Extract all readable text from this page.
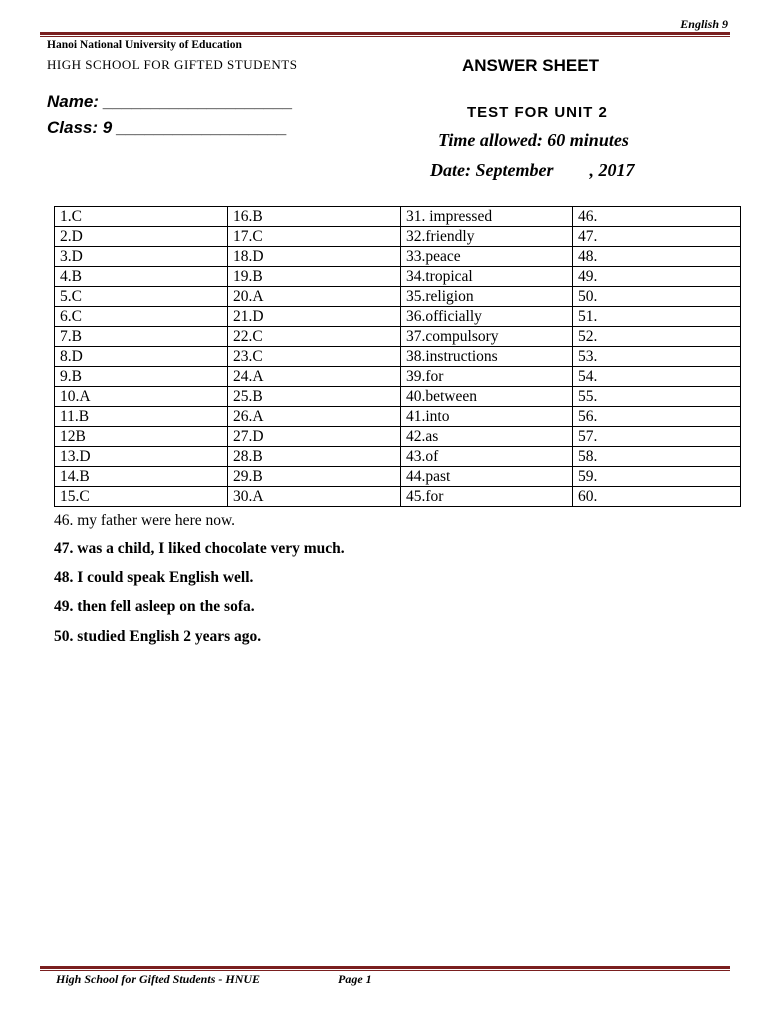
English 9
Hanoi National University of Education
HIGH SCHOOL FOR GIFTED STUDENTS	ANSWER SHEET
Name: ____________________
Class: 9 __________________
TEST FOR UNIT 2
Time allowed: 60 minutes
Date: September        , 2017
1.C	16.B	31. impressed	46.
2.D	17.C	32.friendly	47.
3.D	18.D	33.peace	48.
4.B	19.B	34.tropical	49.
5.C	20.A	35.religion	50.
6.C	21.D	36.officially	51.
7.B	22.C	37.compulsory	52.
8.D	23.C	38.instructions	53.
9.B	24.A	39.for	54.
10.A	25.B	40.between	55.
11.B	26.A	41.into	56.
12B	27.D	42.as	57.
13.D	28.B	43.of	58.
14.B	29.B	44.past	59.
15.C	30.A	45.for	60.
46. my father were here now.
47. was a child, I liked chocolate very much.
48. I could speak English well.
49. then fell asleep on the sofa.
50. studied English 2 years ago.
High School for Gifted Students - HNUE	Page 1
